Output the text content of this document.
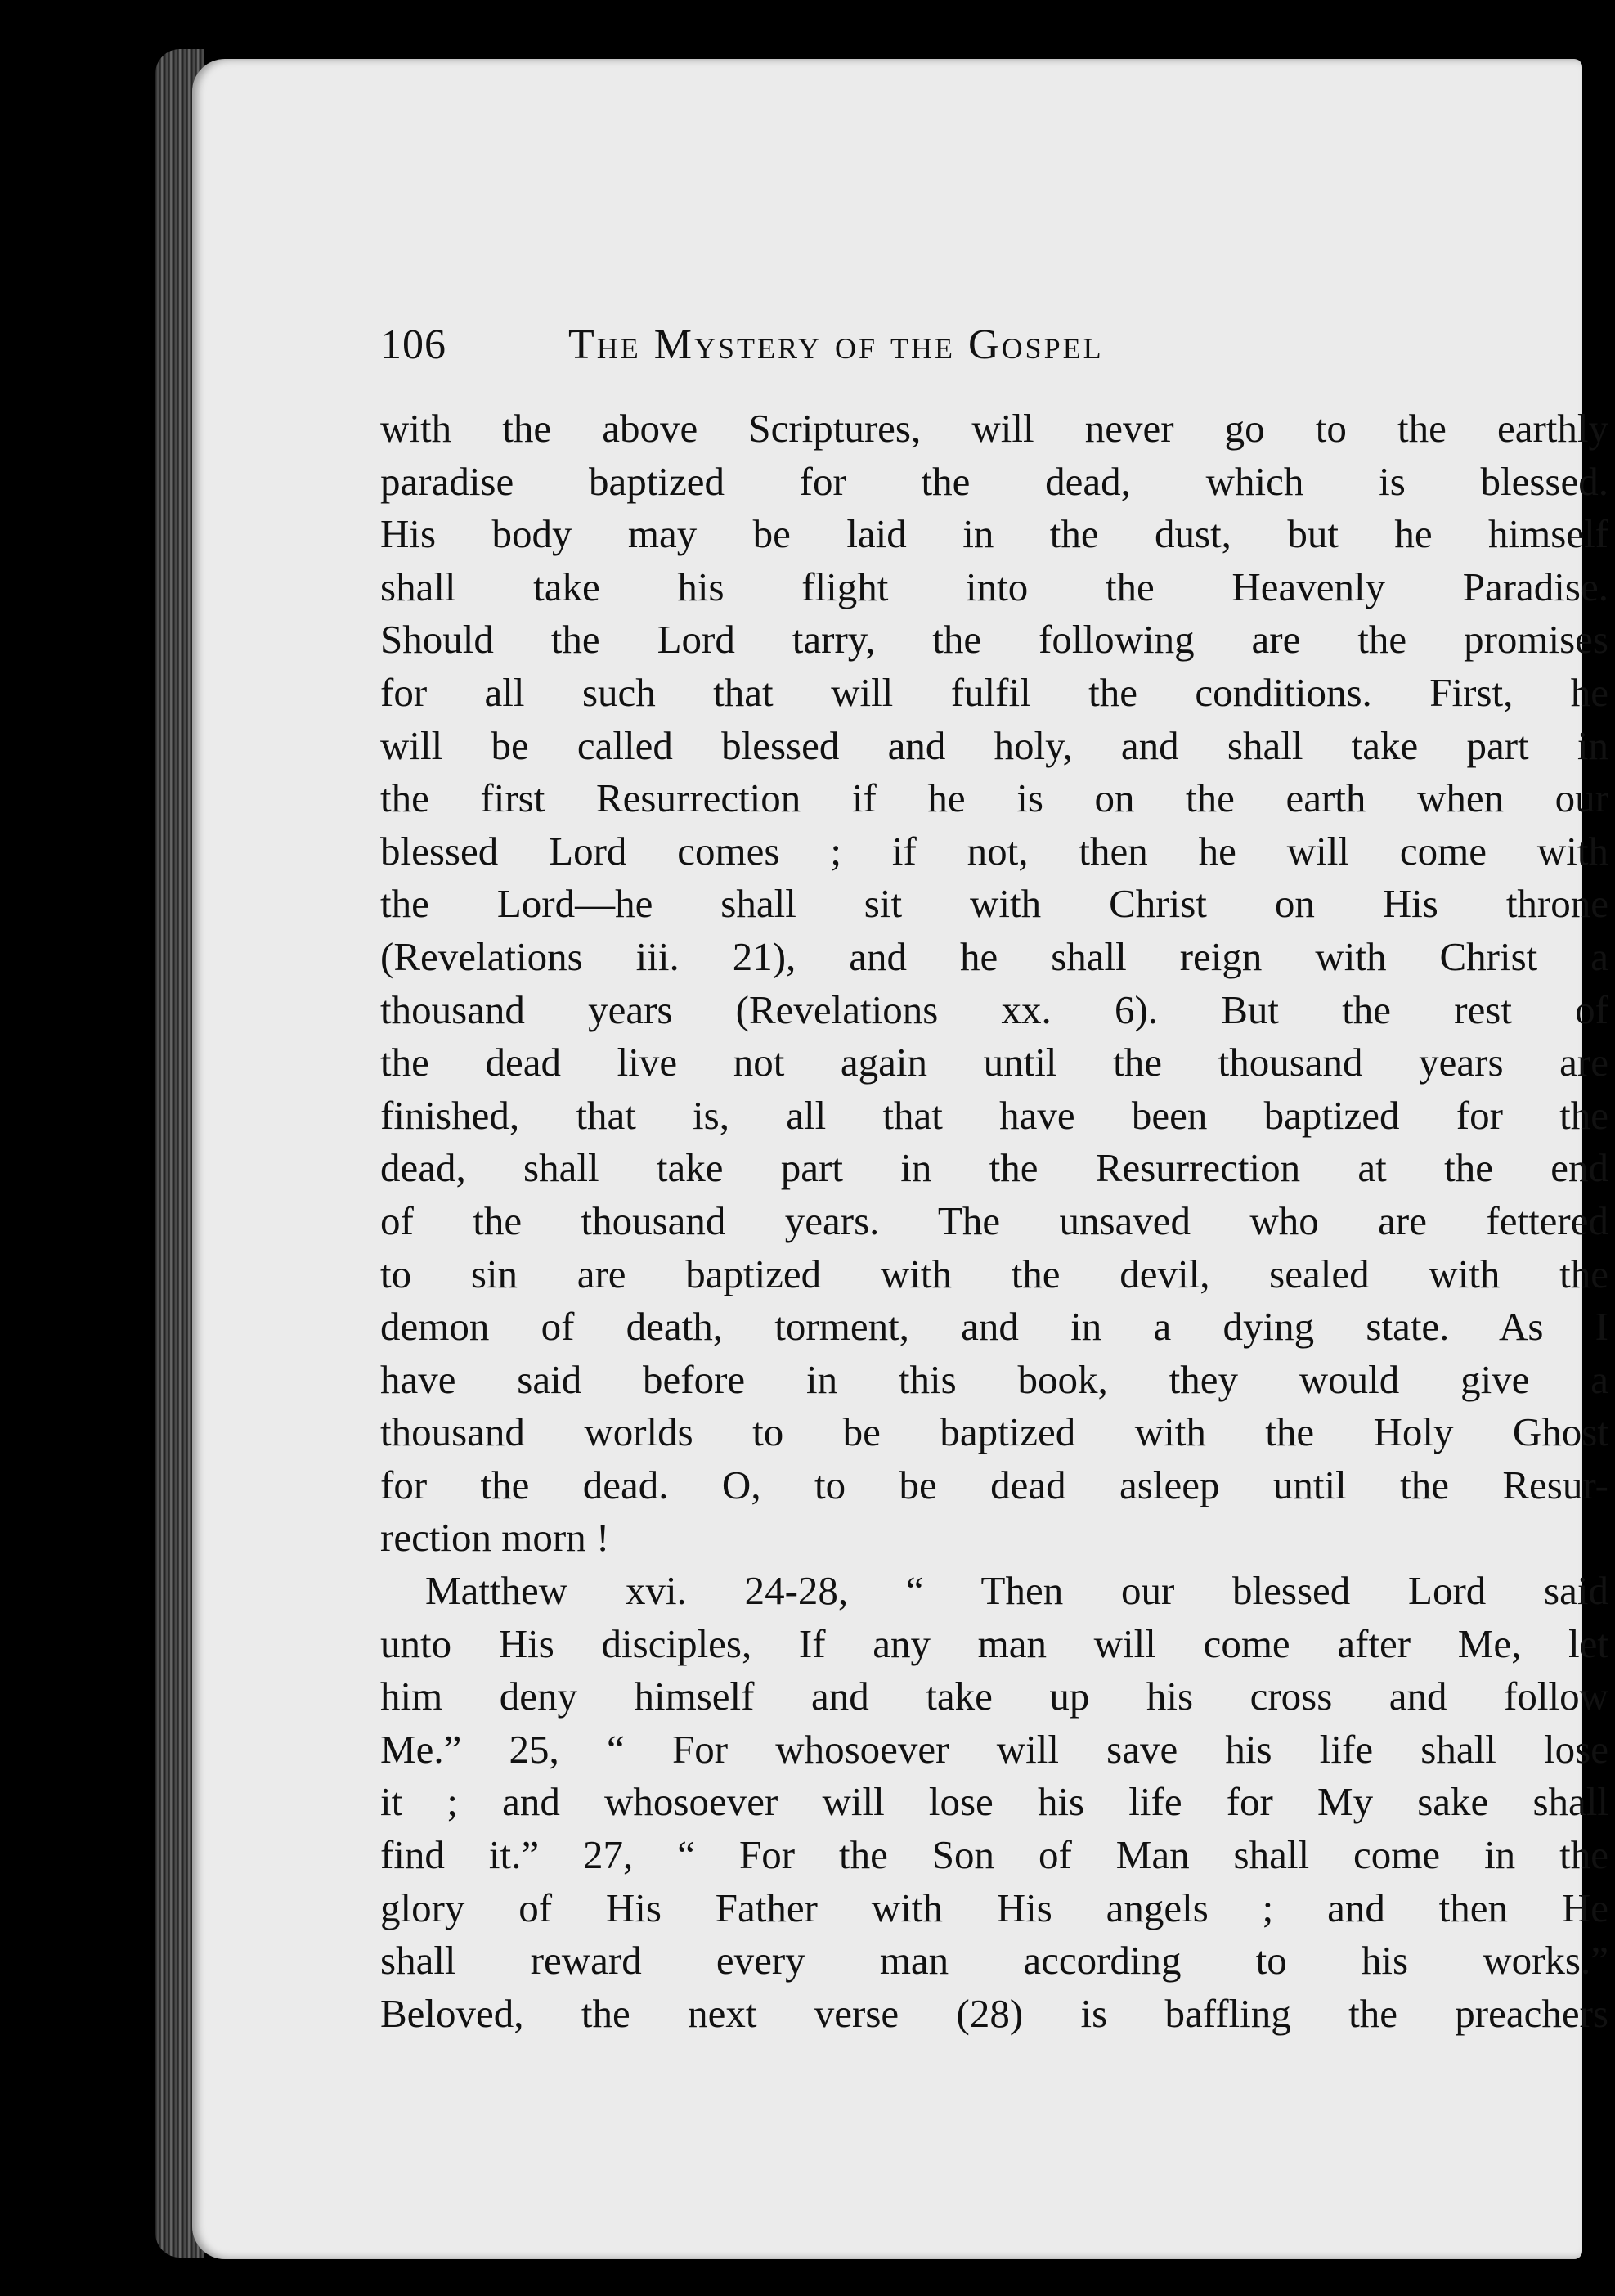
106	The Mystery of the Gospel

with the above Scriptures, will never go to the earthly

paradise baptized for the dead, which is blessed.

His body may be laid in the dust, but he himself

shall take his flight into the Heavenly Paradise.

Should the Lord tarry, the following are the promises

for all such that will fulfil the conditions. First, he

will be called blessed and holy, and shall take part in

the first Resurrection if he is on the earth when our

blessed Lord comes ; if not, then he will come with

the Lord—he shall sit with Christ on His throne

(Revelations iii. 21), and he shall reign with Christ a

thousand years (Revelations xx. 6). But the rest of

the dead live not again until the thousand years are

finished, that is, all that have been baptized for the

dead, shall take part in the Resurrection at the end

of the thousand years. The unsaved who are fettered

to sin are baptized with the devil, sealed with the

demon of death, torment, and in a dying state. As I

have said before in this book, they would give a

thousand worlds to be baptized with the Holy Ghost

for the dead. O, to be dead asleep until the Resur-

rection morn !

Matthew xvi. 24-28, “ Then our blessed Lord said

unto His disciples, If any man will come after Me, let

him deny himself and take up his cross and follow

Me.” 25, “ For whosoever will save his life shall lose

it ; and whosoever will lose his life for My sake shall

find it.” 27, “ For the Son of Man shall come in the

glory of His Father with His angels ; and then He

shall reward every man according to his works.”

Beloved, the next verse (28) is baffling the preachers
